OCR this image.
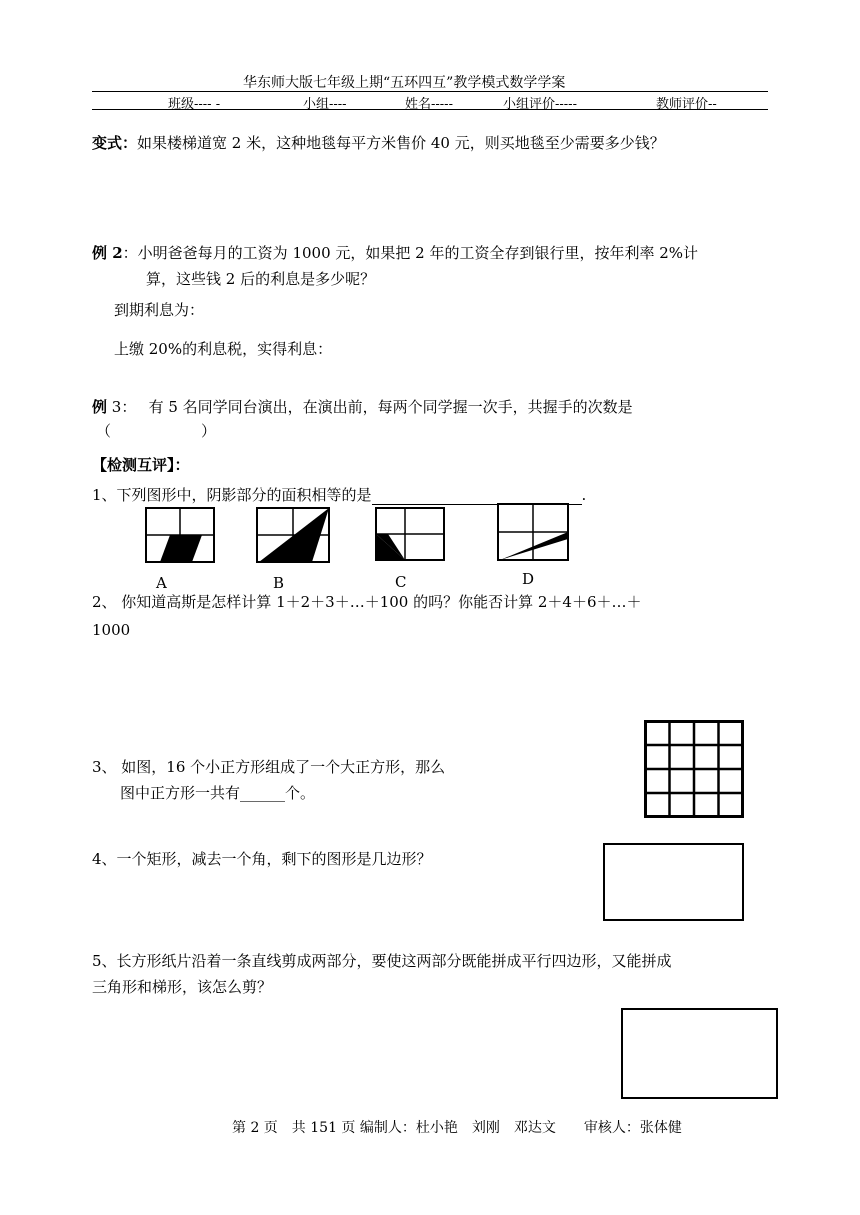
华东师大版七年级上期“五环四互”教学模式数学学案
班级---- -	小组----	姓名-----	小组评价-----	教师评价--
变式：如果楼梯道宽 2 米，这种地毯每平方米售价 40 元，则买地毯至少需要多少钱？
例 2：小明爸爸每月的工资为 1000 元，如果把 2 年的工资全存到银行里，按年利率 2%计
算，这些钱 2 后的利息是多少呢？
到期利息为：
上缴 20%的利息税，实得利息：
例 3：　 有 5 名同学同台演出，在演出前，每两个同学握一次手，共握手的次数是
（　　　　　　）
【检测互评】：
1、下列图形中，阴影部分的面积相等的是	.
A	B	C	D
2、 你知道高斯是怎样计算 1＋2＋3＋…＋100 的吗？你能否计算 2＋4＋6＋…＋
1000
3、 如图，16 个小正方形组成了一个大正方形，那么
图中正方形一共有______个。
4、一个矩形，减去一个角，剩下的图形是几边形？
5、长方形纸片沿着一条直线剪成两部分，要使这两部分既能拼成平行四边形，又能拼成
三角形和梯形，该怎么剪？
第 2 页　共 151 页 编制人：杜小艳　刘刚　邓达文　　审核人：张体健
